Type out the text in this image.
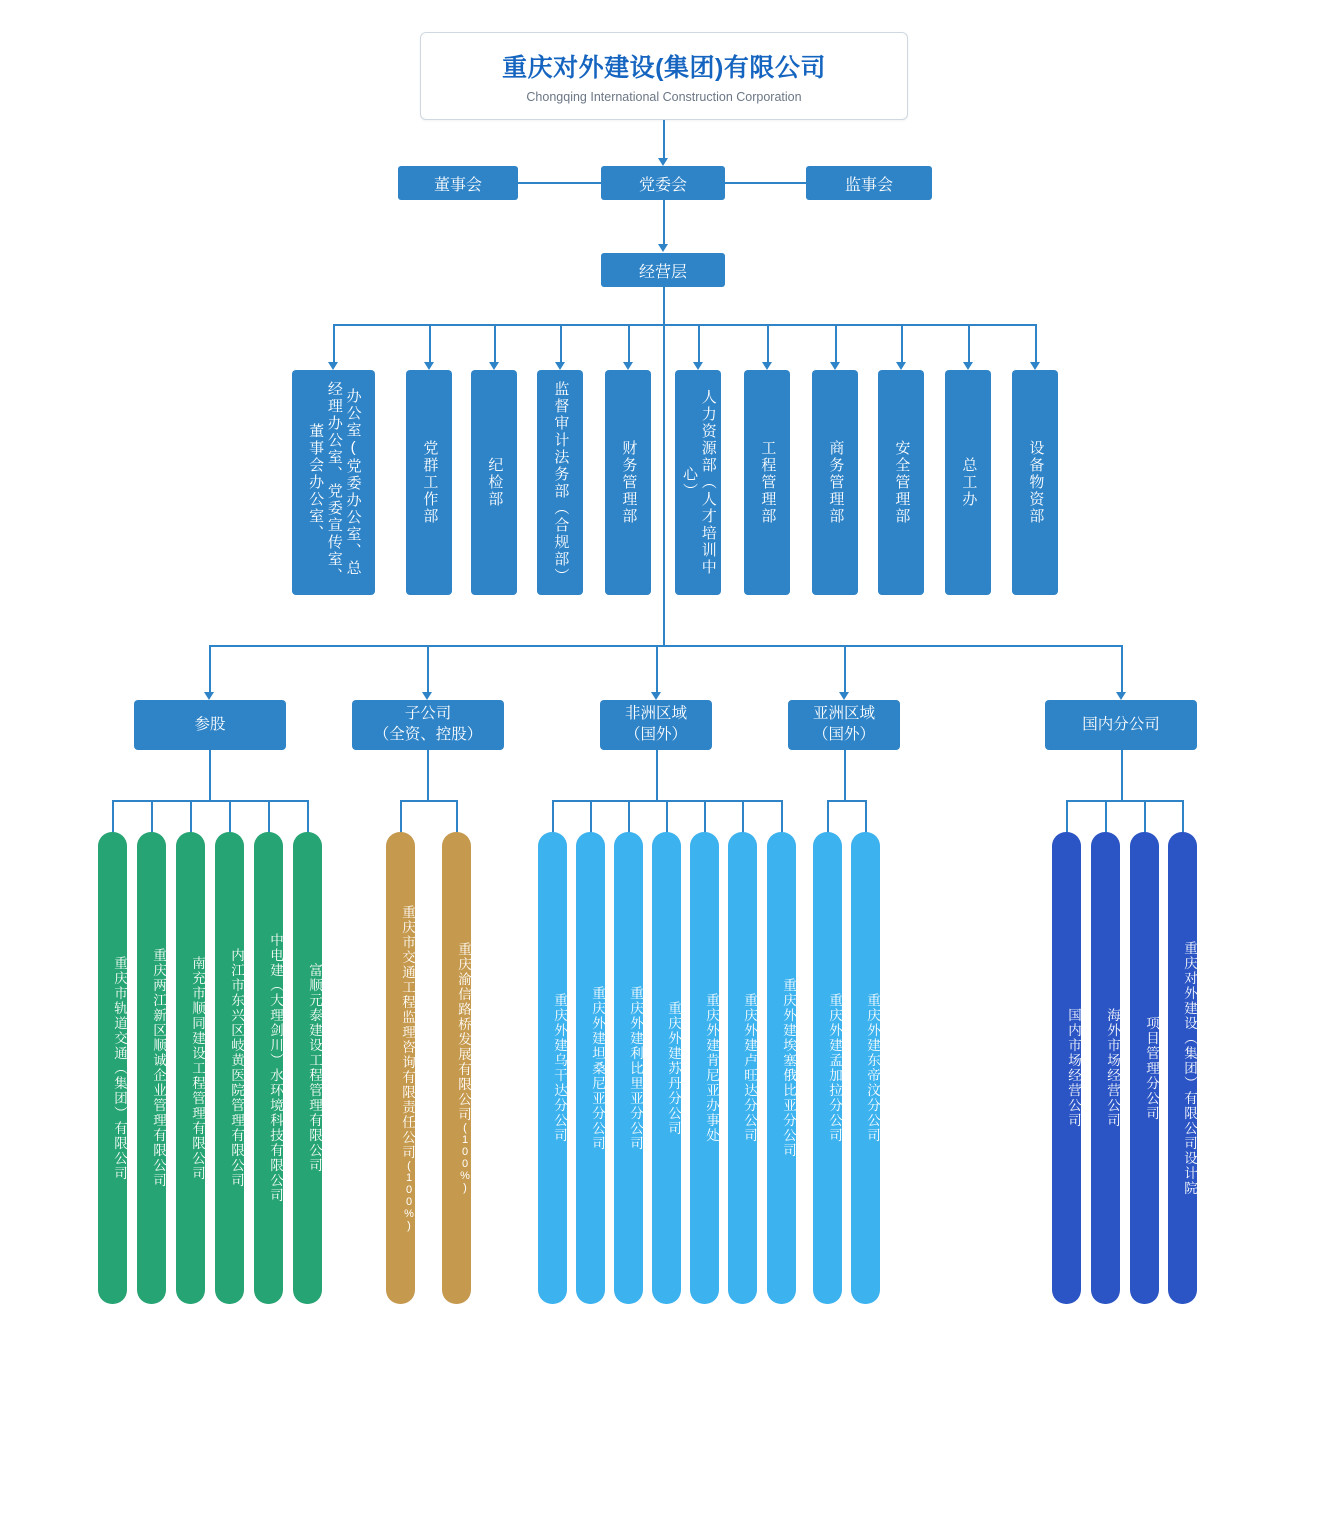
重庆对外建设(集团)有限公司
Chongqing International Construction Corporation
董事会	党委会	监事会
经营层
办公室(党委办公室、总经理办公室、党委宣传室、董事会办公室、	党群工作部	纪检部	监督审计法务部（合规部）	财务管理部	人力资源部（人才培训中心）	工程管理部	商务管理部	安全管理部	总工办	设备物资部
参股
子公司
（全资、控股）
非洲区域
（国外）
亚洲区域
（国外）
国内分公司
重庆市轨道交通（集团）有限公司	重庆两江新区顺诚企业管理有限公司	南充市顺同建设工程管理有限公司	内江市东兴区岐黄医院管理有限公司	中电建（大理剑川）水环境科技有限公司	富顺元泰建设工程管理有限公司	重庆市交通工程监理咨询有限责任公司
(100%)
重庆渝信路桥发展有限公司
(100%)
重庆外建乌干达分公司	重庆外建坦桑尼亚分公司	重庆外建利比里亚分公司	重庆外建苏丹分公司	重庆外建肯尼亚办事处	重庆外建卢旺达分公司	重庆外建埃塞俄比亚分公司	重庆外建孟加拉分公司	重庆外建东帝汶分公司	国内市场经营公司	海外市场经营公司	项目管理分公司	重庆对外建设（集团）有限公司设计院
